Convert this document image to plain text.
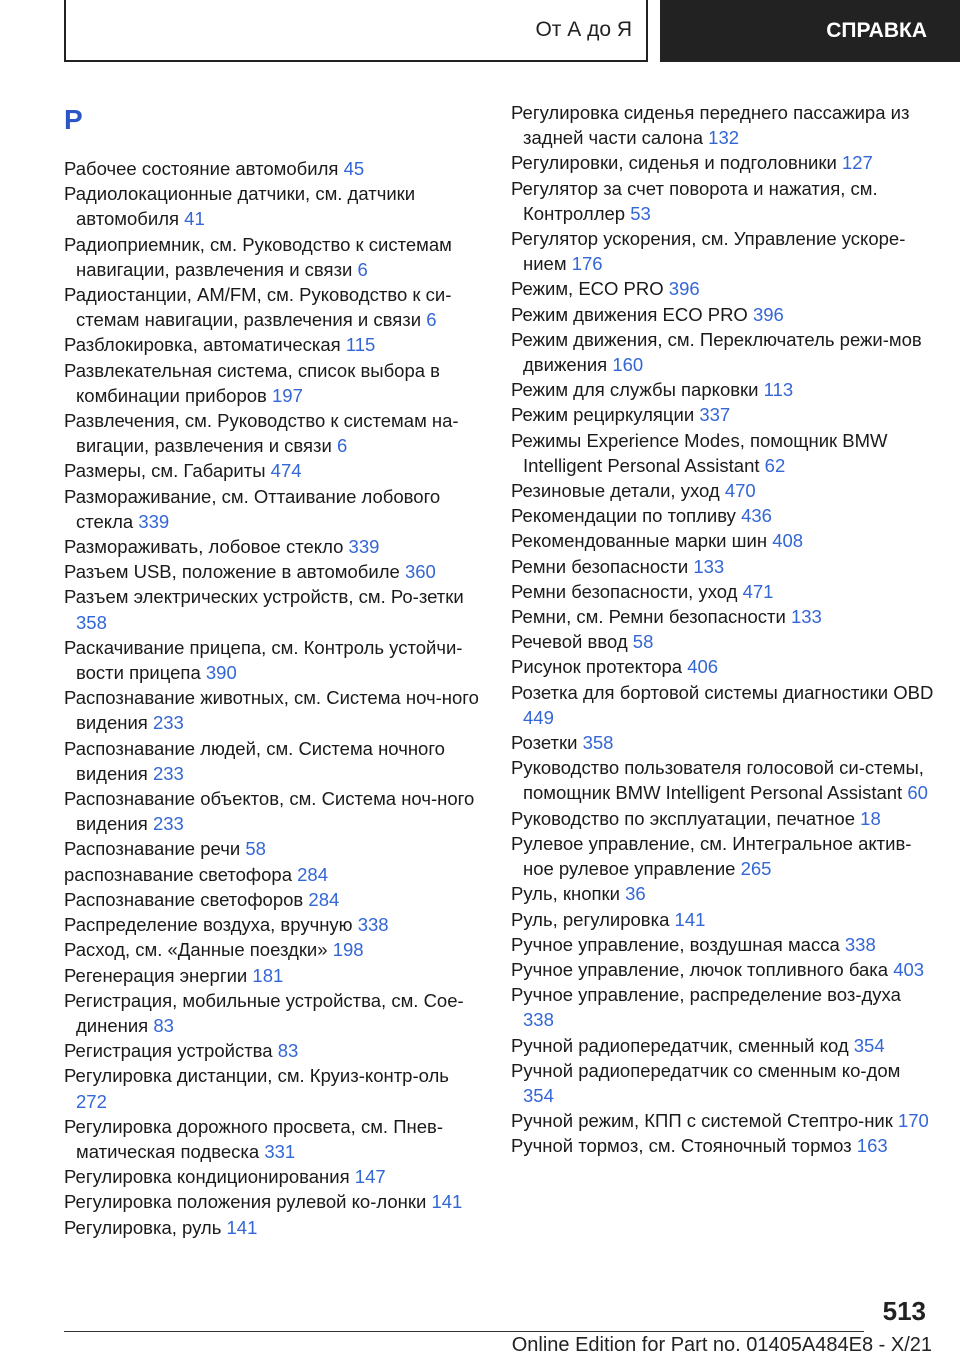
От А до Я	СПРАВКА
Р
Рабочее состояние автомобиля 45
Радиолокационные датчики, см. датчики автомобиля 41
Радиоприемник, см. Руководство к системам навигации, развлечения и связи 6
Радиостанции, AM/FM, см. Руководство к си-стемам навигации, развлечения и связи 6
Разблокировка, автоматическая 115
Развлекательная система, список выбора в комбинации приборов 197
Развлечения, см. Руководство к системам на-вигации, развлечения и связи 6
Размеры, см. Габариты 474
Размораживание, см. Оттаивание лобового стекла 339
Размораживать, лобовое стекло 339
Разъем USB, положение в автомобиле 360
Разъем электрических устройств, см. Ро-зетки 358
Раскачивание прицепа, см. Контроль устойчи-вости прицепа 390
Распознавание животных, см. Система ноч-ного видения 233
Распознавание людей, см. Система ночного видения 233
Распознавание объектов, см. Система ноч-ного видения 233
Распознавание речи 58
распознавание светофора 284
Распознавание светофоров 284
Распределение воздуха, вручную 338
Расход, см. «Данные поездки» 198
Регенерация энергии 181
Регистрация, мобильные устройства, см. Сое-динения 83
Регистрация устройства 83
Регулировка дистанции, см. Круиз-контр-оль 272
Регулировка дорожного просвета, см. Пнев-матическая подвеска 331
Регулировка кондиционирования 147
Регулировка положения рулевой ко-лонки 141
Регулировка, руль 141
Регулировка сиденья переднего пассажира из задней части салона 132
Регулировки, сиденья и подголовники 127
Регулятор за счет поворота и нажатия, см. Контроллер 53
Регулятор ускорения, см. Управление ускоре-нием 176
Режим, ECO PRO 396
Режим движения ECO PRO 396
Режим движения, см. Переключатель режи-мов движения 160
Режим для службы парковки 113
Режим рециркуляции 337
Режимы Experience Modes, помощник BMW Intelligent Personal Assistant 62
Резиновые детали, уход 470
Рекомендации по топливу 436
Рекомендованные марки шин 408
Ремни безопасности 133
Ремни безопасности, уход 471
Ремни, см. Ремни безопасности 133
Речевой ввод 58
Рисунок протектора 406
Розетка для бортовой системы диагностики OBD 449
Розетки 358
Руководство пользователя голосовой си-стемы, помощник BMW Intelligent Personal Assistant 60
Руководство по эксплуатации, печатное 18
Рулевое управление, см. Интегральное актив-ное рулевое управление 265
Руль, кнопки 36
Руль, регулировка 141
Ручное управление, воздушная масса 338
Ручное управление, лючок топливного бака 403
Ручное управление, распределение воз-духа 338
Ручной радиопередатчик, сменный код 354
Ручной радиопередатчик со сменным ко-дом 354
Ручной режим, КПП с системой Стептро-ник 170
Ручной тормоз, см. Стояночный тормоз 163
513
Online Edition for Part no. 01405A484E8 - X/21
